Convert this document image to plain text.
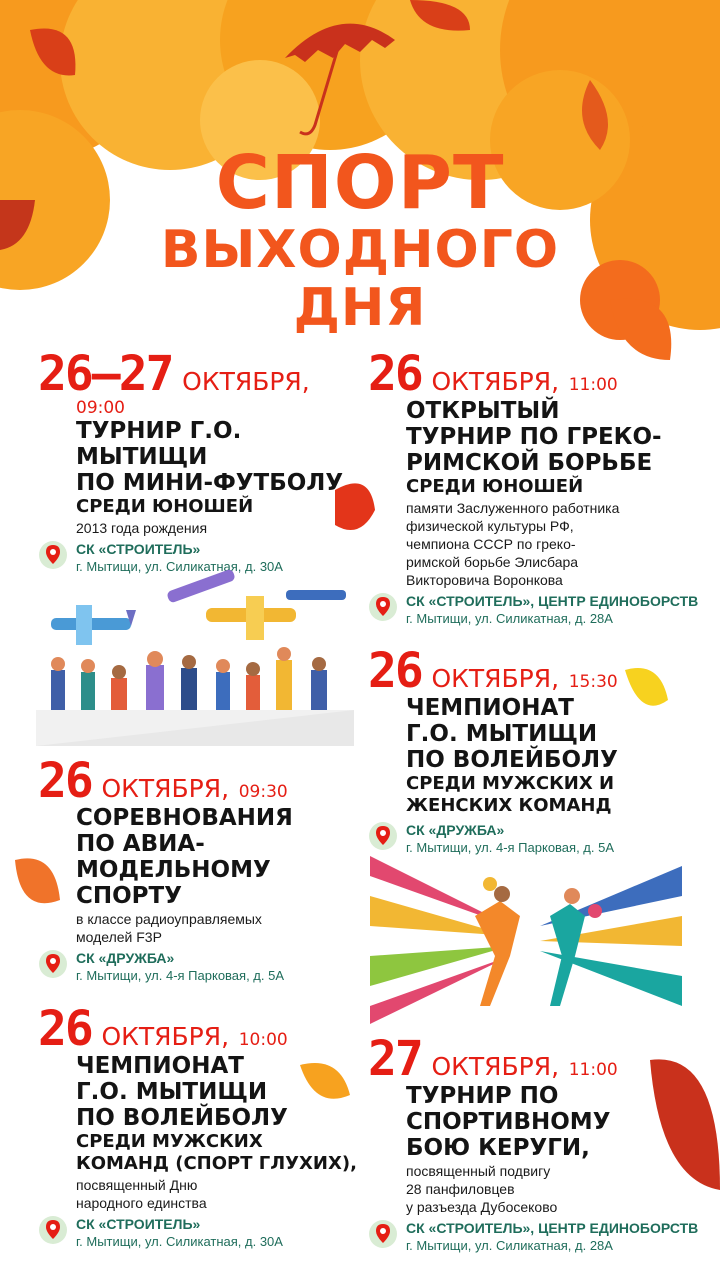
СПОРТ
ВЫХОДНОГО
ДНЯ
26–27 ОКТЯБРЯ,
09:00
ТУРНИР Г.О. МЫТИЩИ
ПО МИНИ-ФУТБОЛУ
СРЕДИ ЮНОШЕЙ
2013 года рождения
СК «СТРОИТЕЛЬ»
г. Мытищи, ул. Силикатная, д. 30А
26 ОКТЯБРЯ, 09:30
СОРЕВНОВАНИЯ
ПО АВИА-
МОДЕЛЬНОМУ
СПОРТУ
в классе радиоуправляемых
моделей F3P
СК «ДРУЖБА»
г. Мытищи, ул. 4-я Парковая, д. 5А
26 ОКТЯБРЯ, 10:00
ЧЕМПИОНАТ
Г.О. МЫТИЩИ
ПО ВОЛЕЙБОЛУ
СРЕДИ МУЖСКИХ КОМАНД (СПОРТ ГЛУХИХ),
посвященный Дню
народного единства
СК «СТРОИТЕЛЬ»
г. Мытищи, ул. Силикатная, д. 30А
26 ОКТЯБРЯ, 11:00
ОТКРЫТЫЙ
ТУРНИР ПО ГРЕКО-
РИМСКОЙ БОРЬБЕ
СРЕДИ ЮНОШЕЙ
памяти Заслуженного работника
физической культуры РФ,
чемпиона СССР по греко-
римской борьбе Элисбара
Викторовича Воронкова
СК «СТРОИТЕЛЬ», ЦЕНТР ЕДИНОБОРСТВ
г. Мытищи, ул. Силикатная, д. 28А
26 ОКТЯБРЯ, 15:30
ЧЕМПИОНАТ
Г.О. МЫТИЩИ
ПО ВОЛЕЙБОЛУ
СРЕДИ МУЖСКИХ И ЖЕНСКИХ КОМАНД
СК «ДРУЖБА»
г. Мытищи, ул. 4-я Парковая, д. 5А
27 ОКТЯБРЯ, 11:00
ТУРНИР ПО
СПОРТИВНОМУ
БОЮ КЕРУГИ,
посвященный подвигу
28 панфиловцев
у разъезда Дубосеково
СК «СТРОИТЕЛЬ», ЦЕНТР ЕДИНОБОРСТВ
г. Мытищи, ул. Силикатная, д. 28А
